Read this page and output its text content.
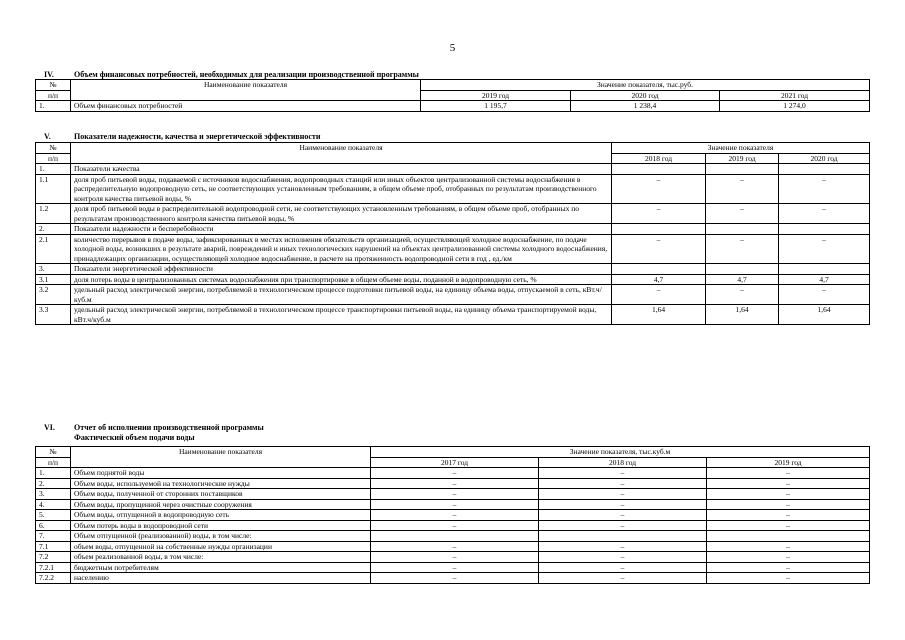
5
IV.	Объем финансовых потребностей, необходимых для реализации производственной программы
№	Наименование показателя	Значение показателя, тыс.руб.		
п/п		2019 год	2020 год	2021 год
1.	Объем финансовых потребностей	1 195,7	1 238,4	1 274,0
V.	Показатели надежности, качества и энергетической эффективности
№	Наименование показателя	Значение показателя		
п/п		2018 год	2019 год	2020 год
1.	Показатели качества			
1.1	доля проб питьевой воды, подаваемой с источников водоснабжения, водопроводных станций или иных объектов централизованной системы водоснабжения в распределительную водопроводную сеть, не соответствующих установленным требованиям, в общем объеме проб, отобранных по результатам производственного контроля качества питьевой воды, %	–	–	–
1.2	доля проб питьевой воды в распределительной водопроводной сети, не соответствующих установленным требованиям, в общем объеме проб, отобранных по результатам производственного контроля качества питьевой воды, %	–	–	–
2.	Показатели надежности и бесперебойности			
2.1	количество перерывов в подаче воды, зафиксированных в местах исполнения обязательств организацией, осуществляющей холодное водоснабжение, по подаче холодной воды, возникших в результате аварий, повреждений и иных технологических нарушений на объектах централизованной системы холодного водоснабжения, принадлежащих организации, осуществляющей холодное водоснабжение, в расчете на протяженность водопроводной сети в год , ед./км	–	–	–
3.	Показатели энергетической эффективности			
3.1	доля потерь воды в централизованных системах водоснабжения при транспортировке в общем объеме воды, поданной в водопроводную сеть, %	4,7	4,7	4,7
3.2	удельный расход электрической энергии, потребляемой в технологическом процессе подготовки питьевой воды, на единицу объема воды, отпускаемой в сеть, кВт.ч/куб.м	–	–	–
3.3	удельный расход электрической энергии, потребляемой в технологическом процессе транспортировки питьевой воды, на единицу объема транспортируемой воды, кВт.ч/куб.м	1,64	1,64	1,64
VI. Отчет об исполнении производственной программы
Фактический объем подачи воды
№	Наименование показателя	Значение показателя, тыс.куб.м		
п/п		2017 год	2018 год	2019 год
1.	Объем поднятой воды	–	–	–
2.	Объем воды, используемой на технологические нужды	–	–	–
3.	Объем воды, полученной от сторонних поставщиков	–	–	–
4.	Объем воды, пропущенной через очистные сооружения	–	–	–
5.	Объем воды, отпущенной в водопроводную сеть	–	–	–
6.	Объем потерь воды в водопроводной сети	–	–	–
7.	Объем отпущенной (реализованной) воды, в том числе:			
7.1	объем воды, отпущенной на собственные нужды организации	–	–	–
7.2	объем реализованной воды, в том числе:	–	–	–
7.2.1	бюджетным потребителям	–	–	–
7.2.2	населению	–	–	–
